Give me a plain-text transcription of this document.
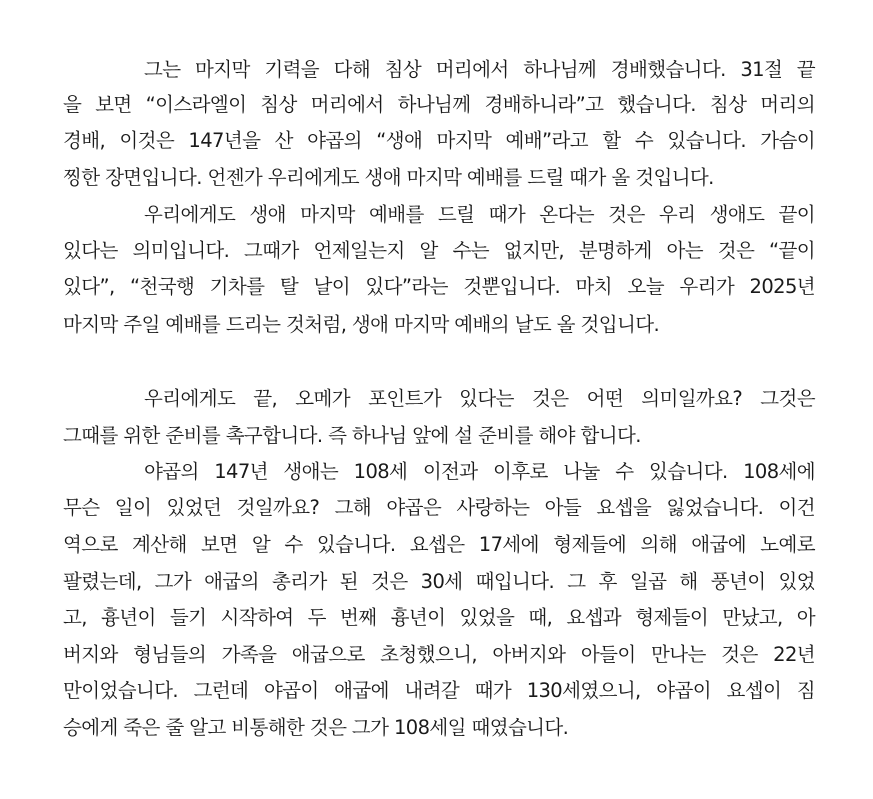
그는 마지막 기력을 다해 침상 머리에서 하나님께 경배했습니다. 31절 끝
을 보면 “이스라엘이 침상 머리에서 하나님께 경배하니라”고 했습니다. 침상 머리의
경배, 이것은 147년을 산 야곱의 “생애 마지막 예배”라고 할 수 있습니다. 가슴이
찡한 장면입니다. 언젠가 우리에게도 생애 마지막 예배를 드릴 때가 올 것입니다.
우리에게도 생애 마지막 예배를 드릴 때가 온다는 것은 우리 생애도 끝이
있다는 의미입니다. 그때가 언제일는지 알 수는 없지만, 분명하게 아는 것은 “끝이
있다”, “천국행 기차를 탈 날이 있다”라는 것뿐입니다. 마치 오늘 우리가 2025년
마지막 주일 예배를 드리는 것처럼, 생애 마지막 예배의 날도 올 것입니다.
우리에게도 끝, 오메가 포인트가 있다는 것은 어떤 의미일까요? 그것은
그때를 위한 준비를 촉구합니다. 즉 하나님 앞에 설 준비를 해야 합니다.
야곱의 147년 생애는 108세 이전과 이후로 나눌 수 있습니다. 108세에
무슨 일이 있었던 것일까요? 그해 야곱은 사랑하는 아들 요셉을 잃었습니다. 이건
역으로 계산해 보면 알 수 있습니다. 요셉은 17세에 형제들에 의해 애굽에 노예로
팔렸는데, 그가 애굽의 총리가 된 것은 30세 때입니다. 그 후 일곱 해 풍년이 있었
고, 흉년이 들기 시작하여 두 번째 흉년이 있었을 때, 요셉과 형제들이 만났고, 아
버지와 형님들의 가족을 애굽으로 초청했으니, 아버지와 아들이 만나는 것은 22년
만이었습니다. 그런데 야곱이 애굽에 내려갈 때가 130세였으니, 야곱이 요셉이 짐
승에게 죽은 줄 알고 비통해한 것은 그가 108세일 때였습니다.
